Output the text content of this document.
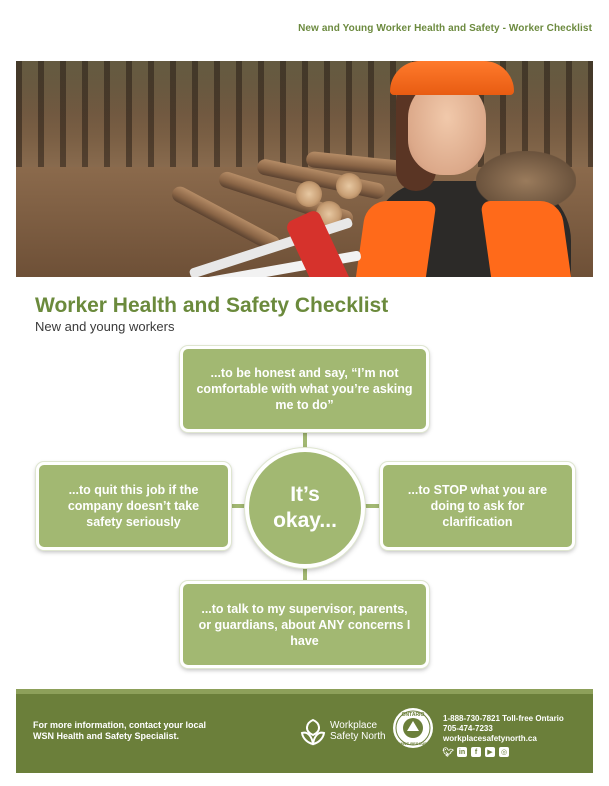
New and Young Worker Health and Safety - Worker Checklist
Worker Health and Safety Checklist
New and young workers
...to be honest and say, “I’m not comfortable with what you’re asking me to do”
...to quit this job if the company doesn’t take safety seriously
...to STOP what you are doing to ask for clarification
...to talk to my supervisor, parents, or guardians, about ANY concerns I have
It’s
okay...
For more information, contact your local
WSN Health and Safety Specialist.
Workplace
Safety North
ONTARIO
MINE RESCUE
1-888-730-7821 Toll-free Ontario
705-474-7233
workplacesafetynorth.ca
🐦︎ in	f	▶	◎
